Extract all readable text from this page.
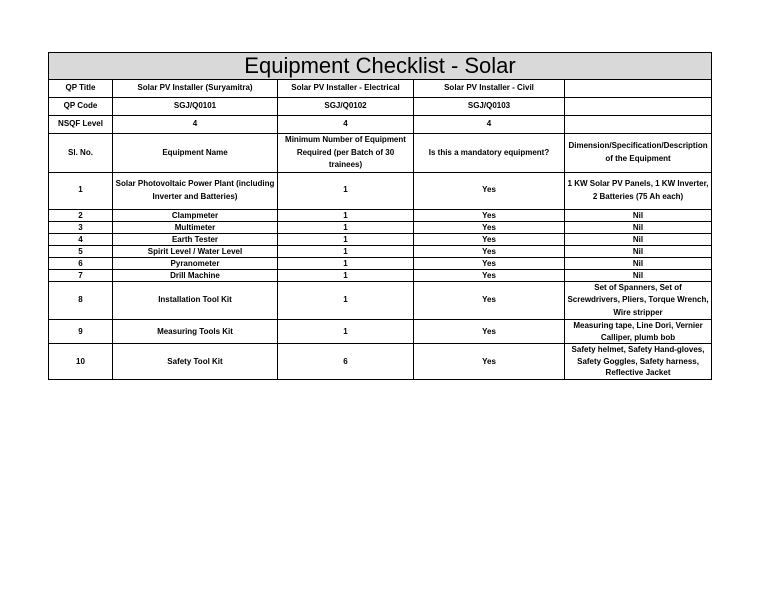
Equipment Checklist - Solar				
QP Title	Solar PV Installer (Suryamitra)	Solar PV Installer - Electrical	Solar PV Installer - Civil	
QP Code	SGJ/Q0101	SGJ/Q0102	SGJ/Q0103	
NSQF Level	4	4	4	
Sl. No.	Equipment Name	Minimum Number of Equipment Required (per Batch of 30 trainees)	Is this a mandatory equipment?	Dimension/Specification/Description of the Equipment
1	Solar Photovoltaic Power Plant (including Inverter and Batteries)	1	Yes	1 KW Solar PV Panels, 1 KW Inverter, 2 Batteries (75 Ah each)
2	Clampmeter	1	Yes	Nil
3	Multimeter	1	Yes	Nil
4	Earth Tester	1	Yes	Nil
5	Spirit Level / Water Level	1	Yes	Nil
6	Pyranometer	1	Yes	Nil
7	Drill Machine	1	Yes	Nil
8	Installation Tool Kit	1	Yes	Set of Spanners, Set of Screwdrivers, Pliers, Torque Wrench, Wire stripper
9	Measuring Tools Kit	1	Yes	Measuring tape, Line Dori, Vernier Calliper, plumb bob
10	Safety Tool Kit	6	Yes	Safety helmet, Safety Hand-gloves, Safety Goggles, Safety harness, Reflective Jacket
